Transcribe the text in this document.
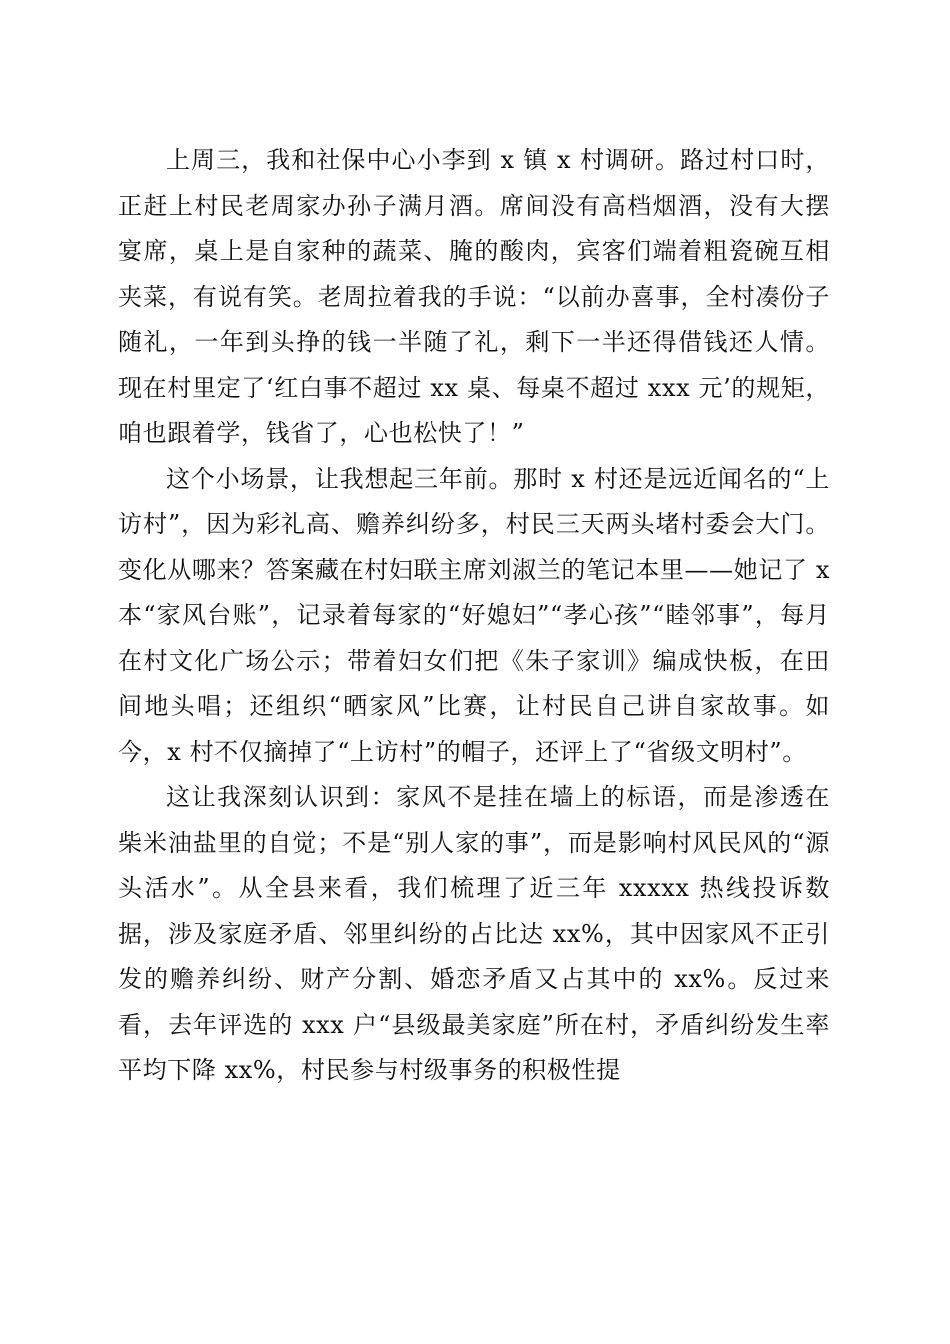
上周三，我和社保中心小李到 x 镇 x 村调研。路过村口时，正赶上村民老周家办孙子满月酒。席间没有高档烟酒，没有大摆宴席，桌上是自家种的蔬菜、腌的酸肉，宾客们端着粗瓷碗互相夹菜，有说有笑。老周拉着我的手说：“以前办喜事，全村凑份子随礼，一年到头挣的钱一半随了礼，剩下一半还得借钱还人情。现在村里定了‘红白事不超过 xx 桌、每桌不超过 xxx 元’的规矩，咱也跟着学，钱省了，心也松快了！”

这个小场景，让我想起三年前。那时 x 村还是远近闻名的“上访村”，因为彩礼高、赡养纠纷多，村民三天两头堵村委会大门。变化从哪来？答案藏在村妇联主席刘淑兰的笔记本里——她记了 x 本“家风台账”，记录着每家的“好媳妇”“孝心孩”“睦邻事”，每月在村文化广场公示；带着妇女们把《朱子家训》编成快板，在田间地头唱；还组织“晒家风”比赛，让村民自己讲自家故事。如今，x 村不仅摘掉了“上访村”的帽子，还评上了“省级文明村”。

这让我深刻认识到：家风不是挂在墙上的标语，而是渗透在柴米油盐里的自觉；不是“别人家的事”，而是影响村风民风的“源头活水”。从全县来看，我们梳理了近三年 xxxxx 热线投诉数据，涉及家庭矛盾、邻里纠纷的占比达 xx%，其中因家风不正引发的赡养纠纷、财产分割、婚恋矛盾又占其中的 xx%。反过来看，去年评选的 xxx 户“县级最美家庭”所在村，矛盾纠纷发生率平均下降 xx%，村民参与村级事务的积极性提
